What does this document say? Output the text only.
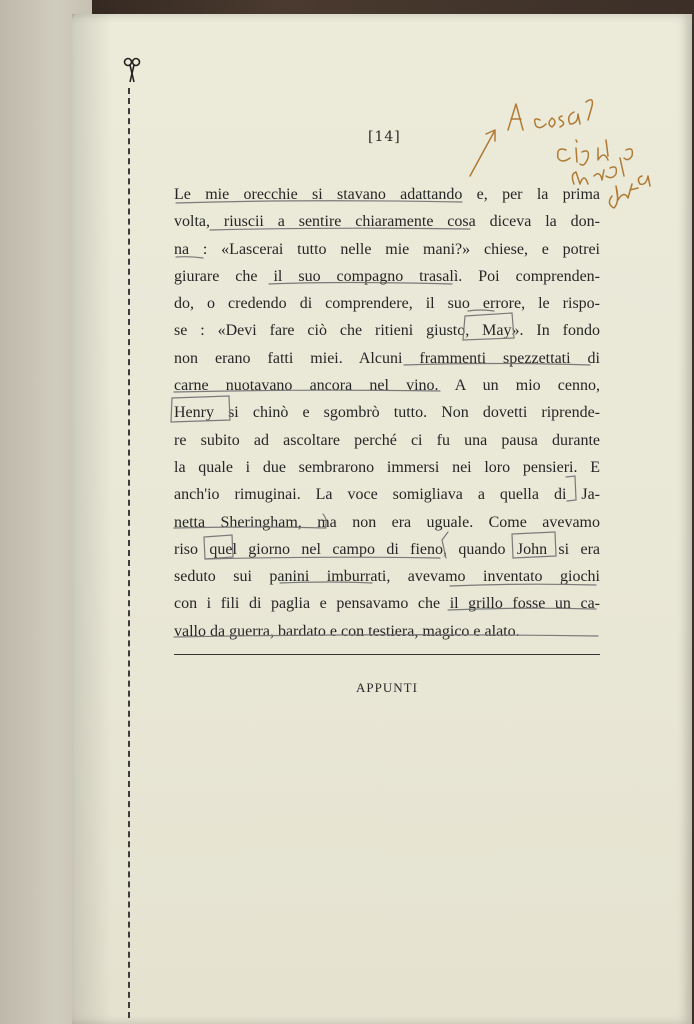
[14]
Le mie orecchie si stavano adattando e, per la prima
volta, riuscii a sentire chiaramente cosa diceva la don-
na : «Lascerai tutto nelle mie mani?» chiese, e potrei
giurare che il suo compagno trasalì. Poi comprenden-
do, o credendo di comprendere, il suo errore, le rispo-
se : «Devi fare ciò che ritieni giusto, May». In fondo
non erano fatti miei. Alcuni frammenti spezzettati di
carne nuotavano ancora nel vino. A un mio cenno,
Henry si chinò e sgombrò tutto. Non dovetti riprende-
re subito ad ascoltare perché ci fu una pausa durante
la quale i due sembrarono immersi nei loro pensieri. E
anch'io rimuginai. La voce somigliava a quella di Ja-
netta Sheringham, ma non era uguale. Come avevamo
riso quel giorno nel campo di fieno, quando John si era
seduto sui panini imburrati, avevamo inventato giochi
con i fili di paglia e pensavamo che il grillo fosse un ca-
vallo da guerra, bardato e con testiera, magico e alato.
APPUNTI
